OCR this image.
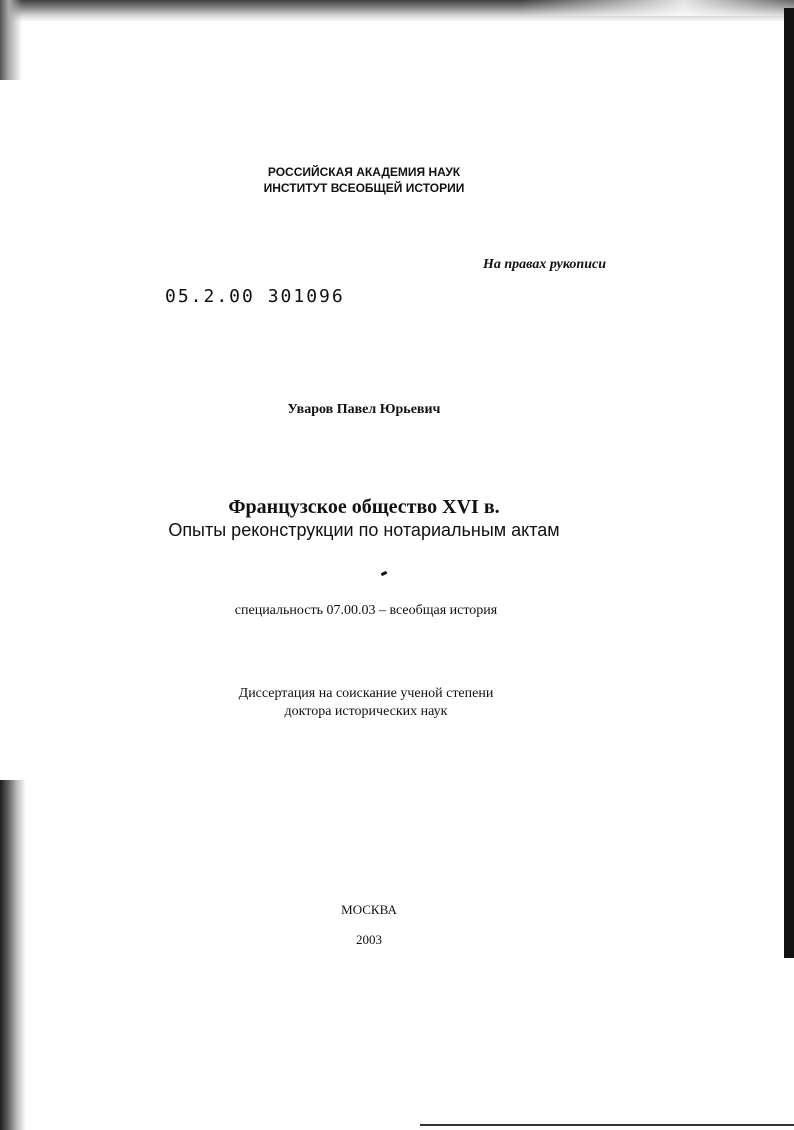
РОССИЙСКАЯ АКАДЕМИЯ НАУК
ИНСТИТУТ ВСЕОБЩЕЙ ИСТОРИИ
На правах рукописи
05.2.00 301096
Уваров Павел Юрьевич
Французское общество XVI в.
Опыты реконструкции по нотариальным актам
специальность 07.00.03 – всеобщая история
Диссертация на соискание ученой степени
доктора исторических наук
МОСКВА
2003
